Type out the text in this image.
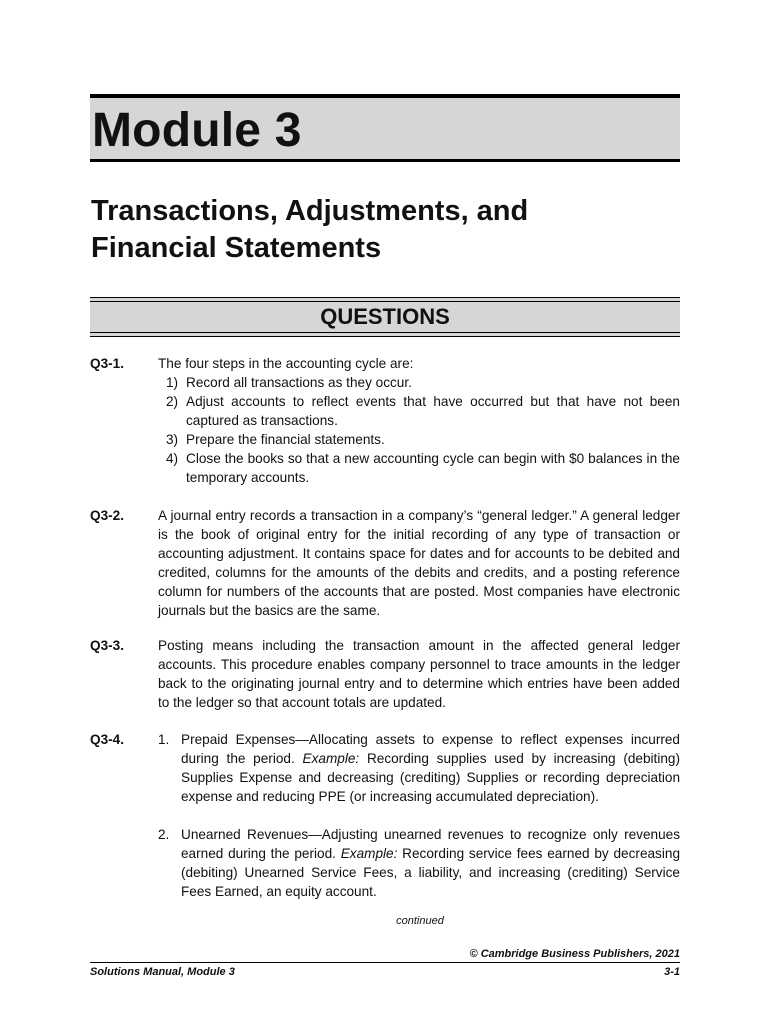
Module 3
Transactions, Adjustments, and
Financial Statements
QUESTIONS
Q3-1.	The four steps in the accounting cycle are:

1) Record all transactions as they occur.
2) Adjust accounts to reflect events that have occurred but that have not been captured as transactions.
3) Prepare the financial statements.
4) Close the books so that a new accounting cycle can begin with $0 balances in the temporary accounts.
Q3-2.	A journal entry records a transaction in a company’s “general ledger.” A general ledger is the book of original entry for the initial recording of any type of transaction or accounting adjustment. It contains space for dates and for accounts to be debited and credited, columns for the amounts of the debits and credits, and a posting reference column for numbers of the accounts that are posted. Most companies have electronic journals but the basics are the same.

Q3-3.	Posting means including the transaction amount in the affected general ledger accounts. This procedure enables company personnel to trace amounts in the ledger back to the originating journal entry and to determine which entries have been added to the ledger so that account totals are updated.

Q3-4.	1. Prepaid Expenses—Allocating assets to expense to reflect expenses incurred during the period. Example: Recording supplies used by increasing (debiting) Supplies Expense and decreasing (crediting) Supplies or recording depreciation expense and reducing PPE (or increasing accumulated depreciation).
2. Unearned Revenues—Adjusting unearned revenues to recognize only revenues earned during the period. Example: Recording service fees earned by decreasing (debiting) Unearned Service Fees, a liability, and increasing (crediting) Service Fees Earned, an equity account.
continued
© Cambridge Business Publishers, 2021
Solutions Manual, Module 3	3-1
